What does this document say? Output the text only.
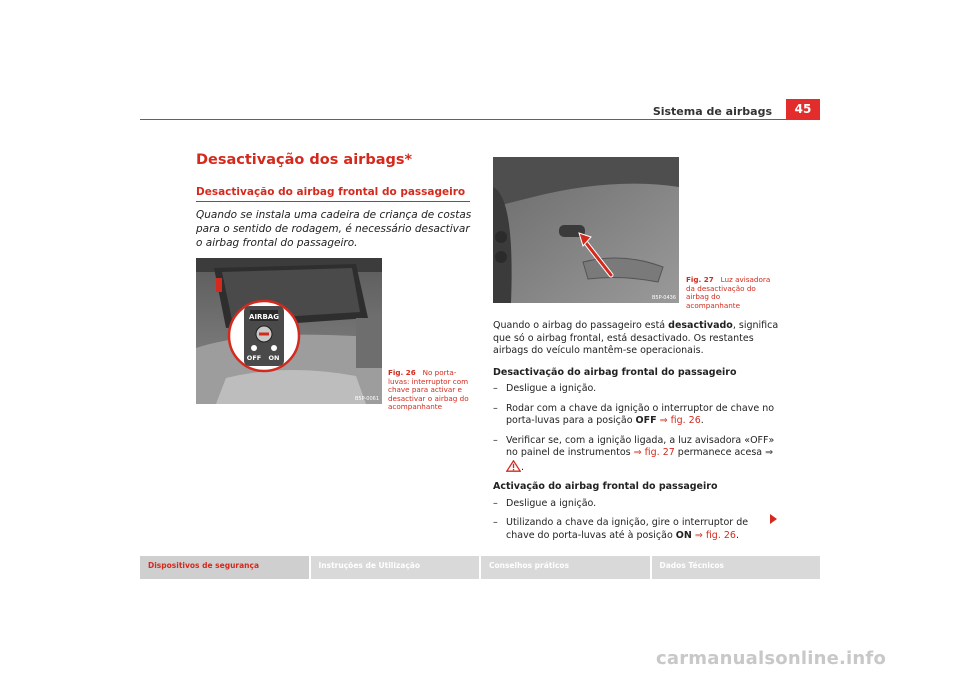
Sistema de airbags	45
Desactivação dos airbags*
Desactivação do airbag frontal do passageiro
Quando se instala uma cadeira de criança de costas para o sentido de rodagem, é necessário desactivar o airbag frontal do passageiro.
AIRBAG
OFF ON
B5P-0061
Fig. 26 No porta-luvas: interruptor com chave para activar e desactivar o airbag do acompanhante
B5P-0436
Fig. 27 Luz avisadora da desactivação do airbag do acompanhante

Quando o airbag do passageiro está desactivado, significa que só o airbag frontal, está desactivado. Os restantes airbags do veículo mantêm-se operacionais.

Desactivação do airbag frontal do passageiro
– Desligue a ignição.
– Rodar com a chave da ignição o interruptor de chave no porta-luvas para a posição OFF ⇒ fig. 26.
– Verificar se, com a ignição ligada, a luz avisadora «OFF» no painel de instrumentos ⇒ fig. 27 permanece acesa ⇒ .
Activação do airbag frontal do passageiro
– Desligue a ignição.
– Utilizando a chave da ignição, gire o interruptor de chave do porta-luvas até à posição ON ⇒ fig. 26.
Dispositivos de segurança	Instruções de Utilização	Conselhos práticos	Dados Técnicos
carmanualsonline.info
